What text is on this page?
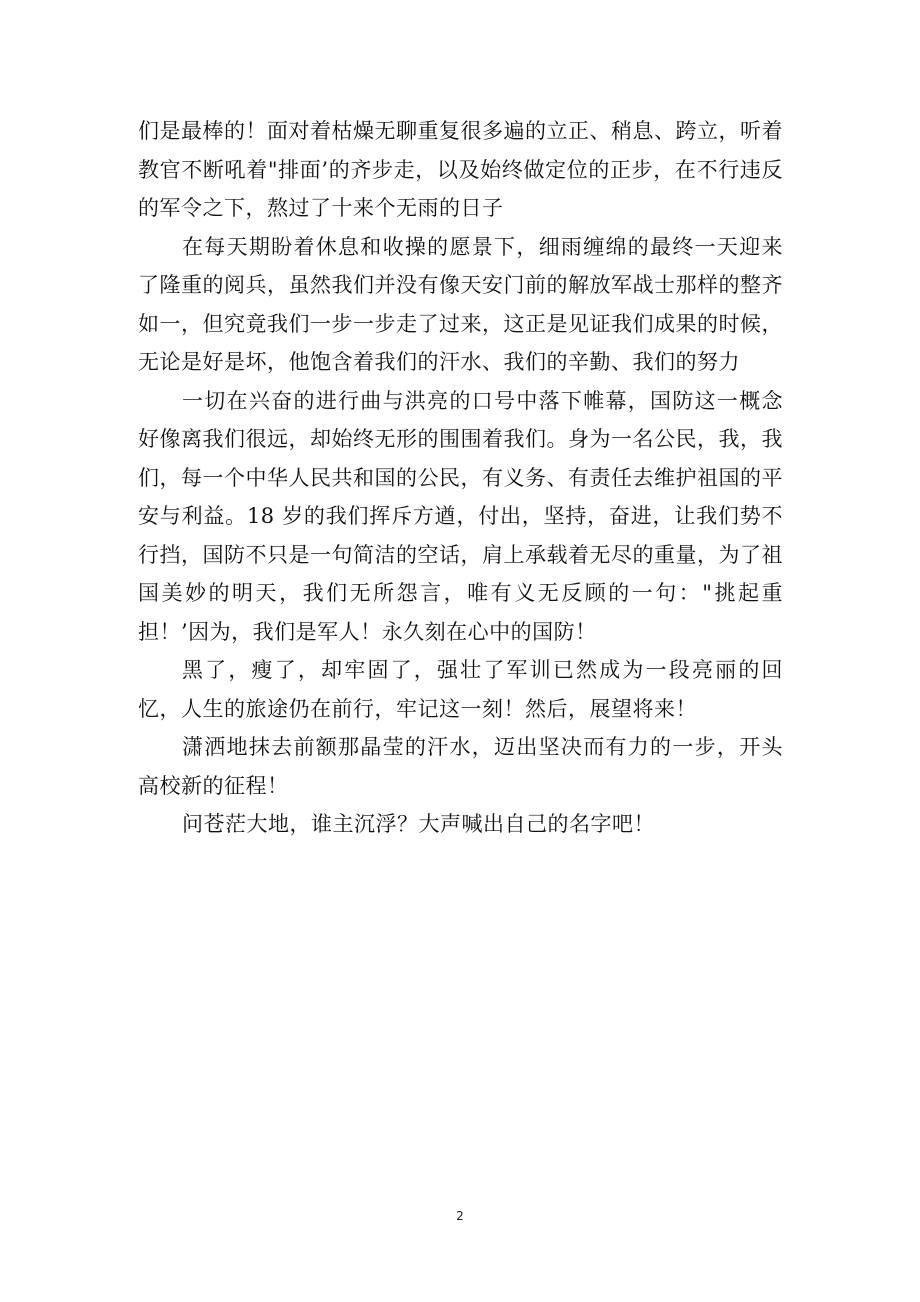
们是最棒的！面对着枯燥无聊重复很多遍的立正、稍息、跨立，听着教官不断吼着"排面’的齐步走，以及始终做定位的正步，在不行违反的军令之下，熬过了十来个无雨的日子

在每天期盼着休息和收操的愿景下，细雨缠绵的最终一天迎来了隆重的阅兵，虽然我们并没有像天安门前的解放军战士那样的整齐如一，但究竟我们一步一步走了过来，这正是见证我们成果的时候，无论是好是坏，他饱含着我们的汗水、我们的辛勤、我们的努力

一切在兴奋的进行曲与洪亮的口号中落下帷幕，国防这一概念好像离我们很远，却始终无形的围围着我们。身为一名公民，我，我们，每一个中华人民共和国的公民，有义务、有责任去维护祖国的平安与利益。18 岁的我们挥斥方遒，付出，坚持，奋进，让我们势不行挡，国防不只是一句简洁的空话，肩上承载着无尽的重量，为了祖国美妙的明天，我们无所怨言，唯有义无反顾的一句："挑起重担！’因为，我们是军人！永久刻在心中的国防！

黑了，瘦了，却牢固了，强壮了军训已然成为一段亮丽的回忆，人生的旅途仍在前行，牢记这一刻！然后，展望将来！

潇洒地抹去前额那晶莹的汗水，迈出坚决而有力的一步，开头高校新的征程！

问苍茫大地，谁主沉浮？大声喊出自己的名字吧！

2
